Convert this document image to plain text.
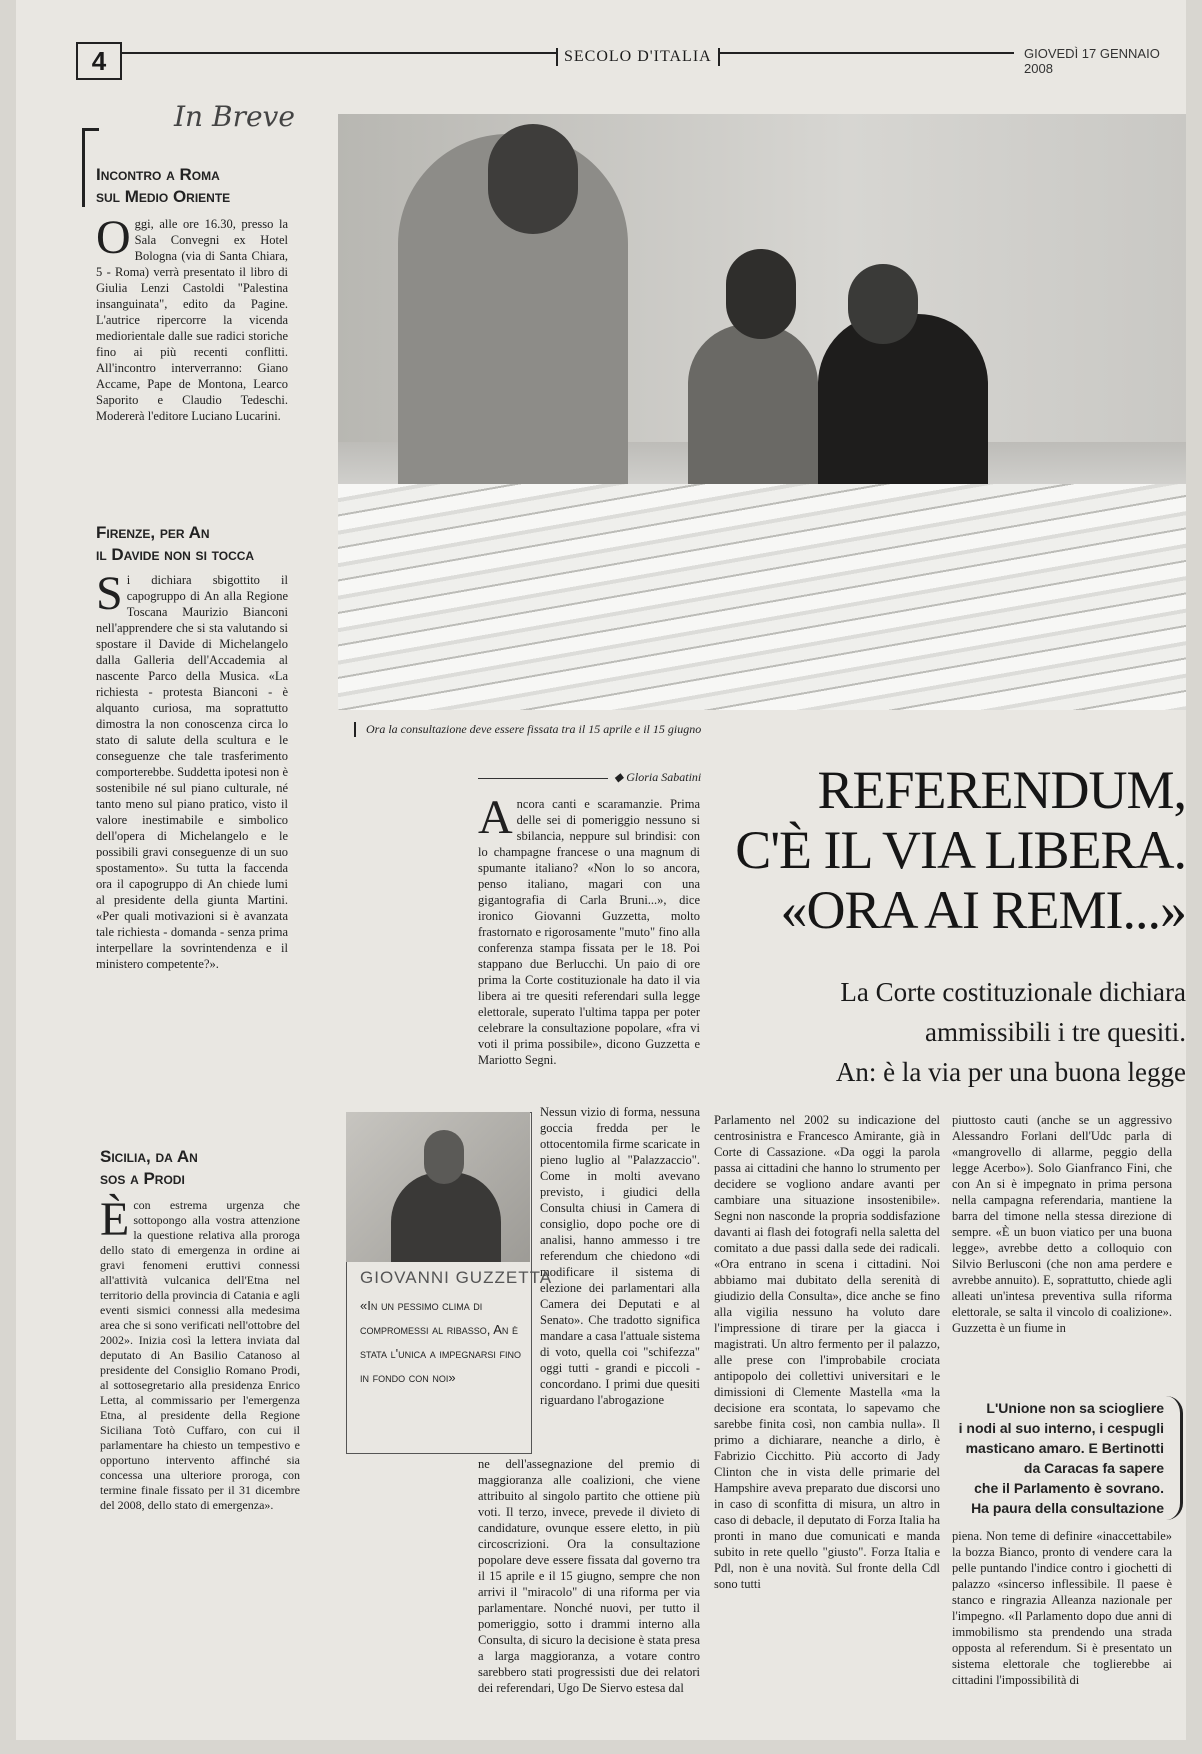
4	SECOLO D'ITALIA	GIOVEDÌ 17 GENNAIO 2008
In Breve
Incontro a Roma
sul Medio Oriente
Oggi, alle ore 16.30, presso la Sala Convegni ex Hotel Bologna (via di Santa Chiara, 5 - Roma) verrà presentato il libro di Giulia Lenzi Castoldi "Palestina insanguinata", edito da Pagine. L'autrice ripercorre la vicenda mediorientale dalle sue radici storiche fino ai più recenti conflitti. All'incontro interverranno: Giano Accame, Pape de Montona, Learco Saporito e Claudio Tedeschi. Modererà l'editore Luciano Lucarini.
Firenze, per An
il Davide non si tocca
Si dichiara sbigottito il capogruppo di An alla Regione Toscana Maurizio Bianconi nell'apprendere che si sta valutando si spostare il Davide di Michelangelo dalla Galleria dell'Accademia al nascente Parco della Musica. «La richiesta - protesta Bianconi - è alquanto curiosa, ma soprattutto dimostra la non conoscenza circa lo stato di salute della scultura e le conseguenze che tale trasferimento comporterebbe. Suddetta ipotesi non è sostenibile né sul piano culturale, né tanto meno sul piano pratico, visto il valore inestimabile e simbolico dell'opera di Michelangelo e le possibili gravi conseguenze di un suo spostamento». Su tutta la faccenda ora il capogruppo di An chiede lumi al presidente della giunta Martini. «Per quali motivazioni si è avanzata tale richiesta - domanda - senza prima interpellare la sovrintendenza e il ministero competente?».
Sicilia, da An
sos a Prodi
Ècon estrema urgenza che sottopongo alla vostra attenzione la questione relativa alla proroga dello stato di emergenza in ordine ai gravi fenomeni eruttivi connessi all'attività vulcanica dell'Etna nel territorio della provincia di Catania e agli eventi sismici connessi alla medesima area che si sono verificati nell'ottobre del 2002». Inizia così la lettera inviata dal deputato di An Basilio Catanoso al presidente del Consiglio Romano Prodi, al sottosegretario alla presidenza Enrico Letta, al commissario per l'emergenza Etna, al presidente della Regione Siciliana Totò Cuffaro, con cui il parlamentare ha chiesto un tempestivo e opportuno intervento affinché sia concessa una ulteriore proroga, con termine finale fissato per il 31 dicembre del 2008, dello stato di emergenza».
Ora la consultazione deve essere fissata tra il 15 aprile e il 15 giugno
◆ Gloria Sabatini	REFERENDUM,
C'È IL VIA LIBERA.
«ORA AI REMI...»
La Corte costituzionale dichiara
ammissibili i tre quesiti.
An: è la via per una buona legge
Ancora canti e scaramanzie. Prima delle sei di pomeriggio nessuno si sbilancia, neppure sul brindisi: con lo champagne francese o una magnum di spumante italiano? «Non lo so ancora, penso italiano, magari con una gigantografia di Carla Bruni...», dice ironico Giovanni Guzzetta, molto frastornato e rigorosamente "muto" fino alla conferenza stampa fissata per le 18. Poi stappano due Berlucchi. Un paio di ore prima la Corte costituzionale ha dato il via libera ai tre quesiti referendari sulla legge elettorale, superato l'ultima tappa per poter celebrare la consultazione popolare, «fra vi voti il prima possibile», dicono Guzzetta e Mariotto Segni.
Nessun vizio di forma, nessuna goccia fredda per le ottocentomila firme scaricate in pieno luglio al "Palazzaccio". Come in molti avevano previsto, i giudici della Consulta chiusi in Camera di consiglio, dopo poche ore di analisi, hanno ammesso i tre referendum che chiedono «di modificare il sistema di elezione dei parlamentari alla Camera dei Deputati e al Senato». Che tradotto significa mandare a casa l'attuale sistema di voto, quella coi "schifezza" oggi tutti - grandi e piccoli - concordano. I primi due quesiti riguardano l'abrogazione
ne dell'assegnazione del premio di maggioranza alle coalizioni, che viene attribuito al singolo partito che ottiene più voti. Il terzo, invece, prevede il divieto di candidature, ovunque essere eletto, in più circoscrizioni. Ora la consultazione popolare deve essere fissata dal governo tra il 15 aprile e il 15 giugno, sempre che non arrivi il "miracolo" di una riforma per via parlamentare. Nonché nuovi, per tutto il pomeriggio, sotto i drammi interno alla Consulta, di sicuro la decisione è stata presa a larga maggioranza, a votare contro sarebbero stati progressisti due dei relatori dei referendari, Ugo De Siervo estesa dal
Parlamento nel 2002 su indicazione del centrosinistra e Francesco Amirante, già in Corte di Cassazione. «Da oggi la parola passa ai cittadini che hanno lo strumento per decidere se vogliono andare avanti per cambiare una situazione insostenibile». Segni non nasconde la propria soddisfazione davanti ai flash dei fotografi nella saletta del comitato a due passi dalla sede dei radicali. «Ora entrano in scena i cittadini. Noi abbiamo mai dubitato della serenità di giudizio della Consulta», dice anche se fino alla vigilia nessuno ha voluto dare l'impressione di tirare per la giacca i magistrati. Un altro fermento per il palazzo, alle prese con l'improbabile crociata antipopolo dei collettivi universitari e le dimissioni di Clemente Mastella «ma la decisione era scontata, lo sapevamo che sarebbe finita così, non cambia nulla». Il primo a dichiarare, neanche a dirlo, è Fabrizio Cicchitto. Più accorto di Jady Clinton che in vista delle primarie del Hampshire aveva preparato due discorsi uno in caso di sconfitta di misura, un altro in caso di debacle, il deputato di Forza Italia ha pronti in mano due comunicati e manda subito in rete quello "giusto". Forza Italia e Pdl, non è una novità. Sul fronte della Cdl sono tutti
piuttosto cauti (anche se un aggressivo Alessandro Forlani dell'Udc parla di «mangrovello di allarme, peggio della legge Acerbo»). Solo Gianfranco Fini, che con An si è impegnato in prima persona nella campagna referendaria, mantiene la barra del timone nella stessa direzione di sempre. «È un buon viatico per una buona legge», avrebbe detto a colloquio con Silvio Berlusconi (che non ama perdere e avrebbe annuito). E, soprattutto, chiede agli alleati un'intesa preventiva sulla riforma elettorale, se salta il vincolo di coalizione». Guzzetta è un fiume in
piena. Non teme di definire «inaccettabile» la bozza Bianco, pronto di vendere cara la pelle puntando l'indice contro i giochetti di palazzo «sincerso inflessibile. Il paese è stanco e ringrazia Alleanza nazionale per l'impegno. «Il Parlamento dopo due anni di immobilismo sta prendendo una strada opposta al referendum. Si è presentato un sistema elettorale che toglierebbe ai cittadini l'impossibilità di
GIOVANNI GUZZETTA
«In un pessimo clima di compromessi al ribasso, An è stata l'unica a impegnarsi fino in fondo con noi»
L'Unione non sa sciogliere
i nodi al suo interno, i cespugli
masticano amaro. E Bertinotti
da Caracas fa sapere
che il Parlamento è sovrano.
Ha paura della consultazione
